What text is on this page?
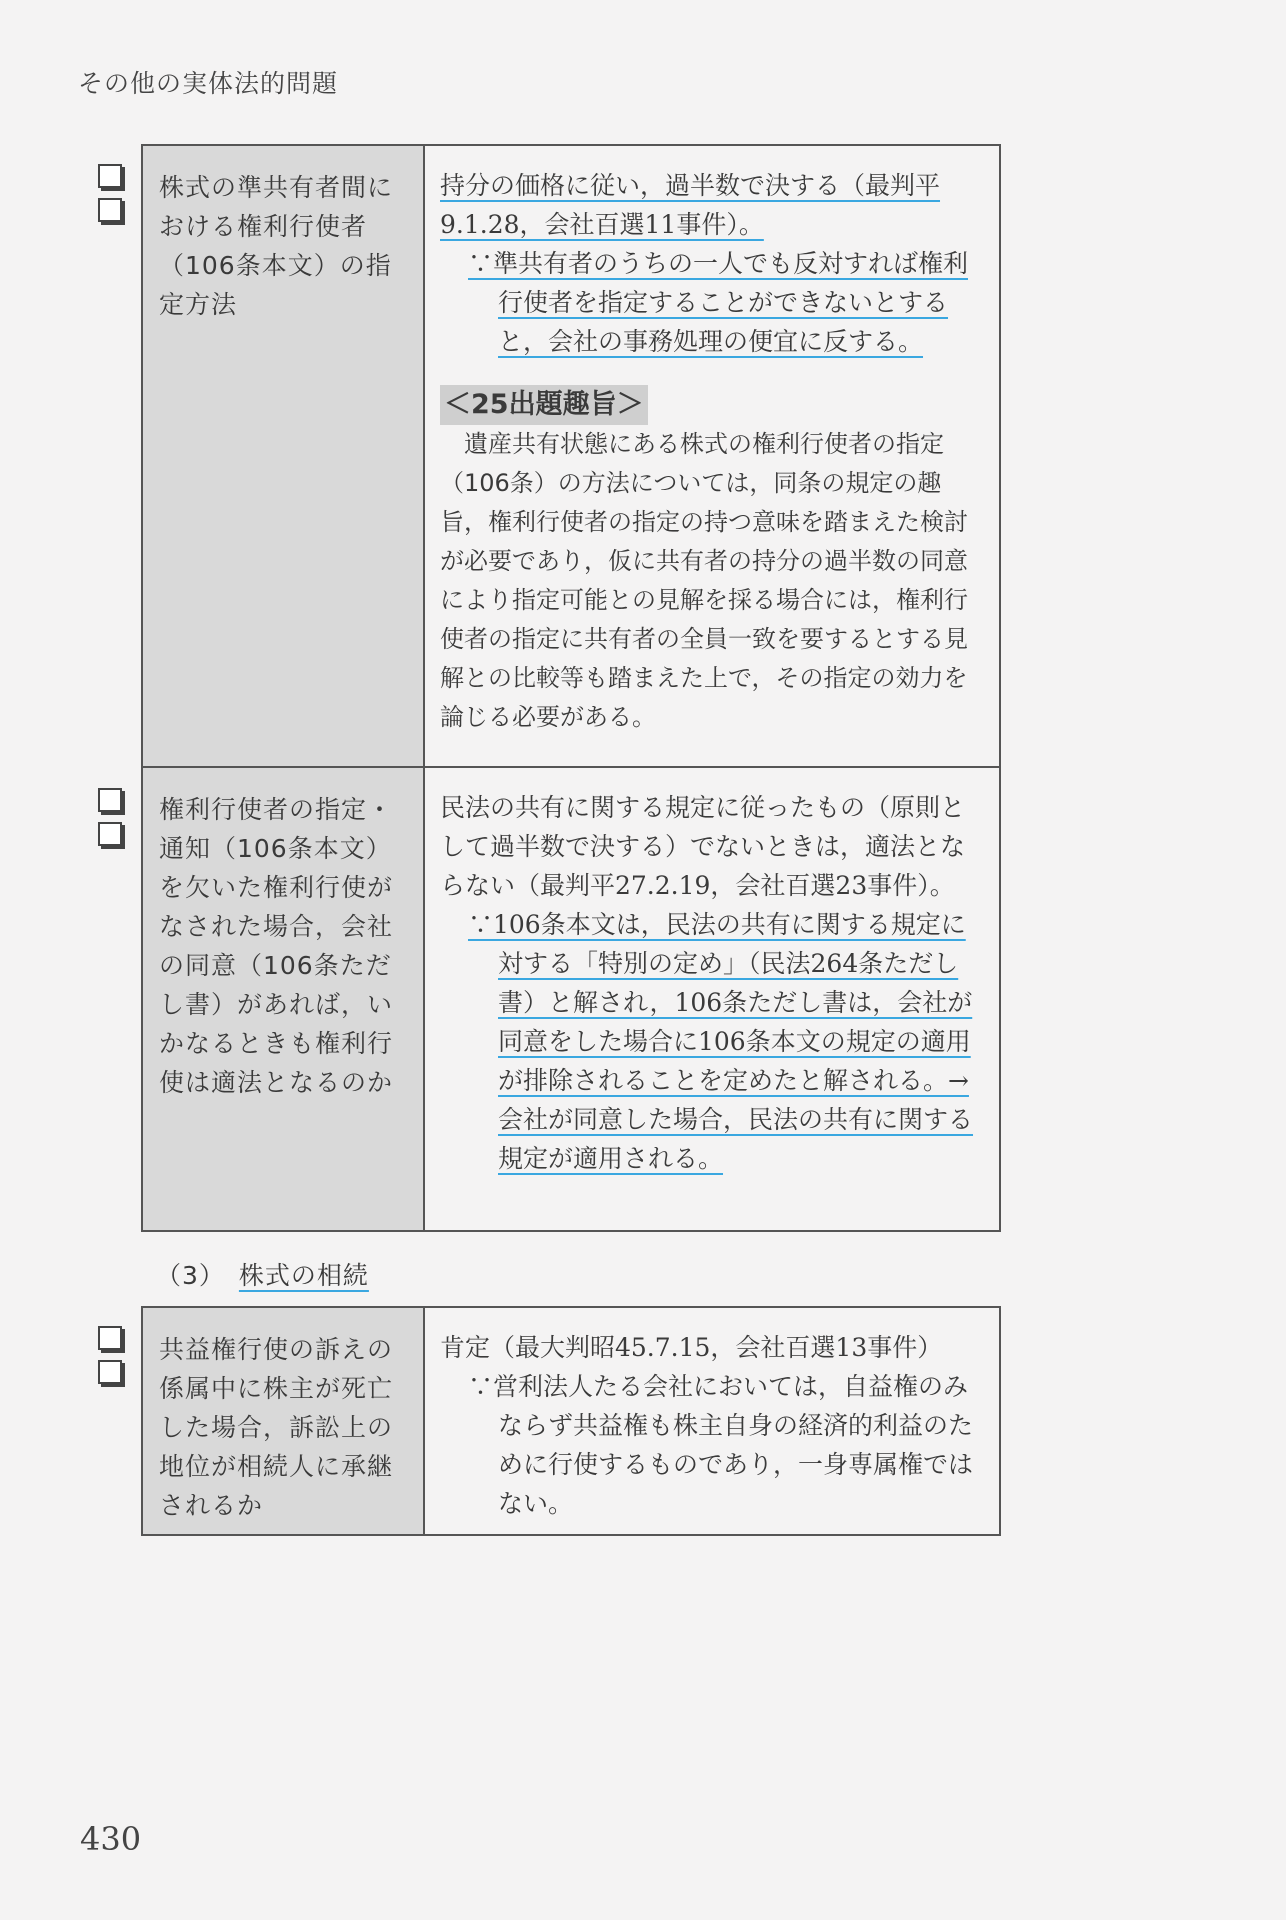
その他の実体法的問題
株式の準共有者間における権利行使者（106条本文）の指定方法

持分の価格に従い，過半数で決する（最判平9.1.28，会社百選11事件）。

∵準共有者のうちの一人でも反対すれば権利行使者を指定することができないとすると，会社の事務処理の便宜に反する。

＜25出題趣旨＞

遺産共有状態にある株式の権利行使者の指定（106条）の方法については，同条の規定の趣旨，権利行使者の指定の持つ意味を踏まえた検討が必要であり，仮に共有者の持分の過半数の同意により指定可能との見解を採る場合には，権利行使者の指定に共有者の全員一致を要するとする見解との比較等も踏まえた上で，その指定の効力を論じる必要がある。

権利行使者の指定・通知（106条本文）を欠いた権利行使がなされた場合，会社の同意（106条ただし書）があれば，いかなるときも権利行使は適法となるのか

民法の共有に関する規定に従ったもの（原則として過半数で決する）でないときは，適法とならない（最判平27.2.19，会社百選23事件）。

∵106条本文は，民法の共有に関する規定に対する「特別の定め」（民法264条ただし書）と解され，106条ただし書は，会社が同意をした場合に106条本文の規定の適用が排除されることを定めたと解される。→会社が同意した場合，民法の共有に関する規定が適用される。

（3） 株式の相続
共益権行使の訴えの係属中に株主が死亡した場合，訴訟上の地位が相続人に承継されるか

肯定（最大判昭45.7.15，会社百選13事件）

∵営利法人たる会社においては，自益権のみならず共益権も株主自身の経済的利益のために行使するものであり，一身専属権ではない。

430
